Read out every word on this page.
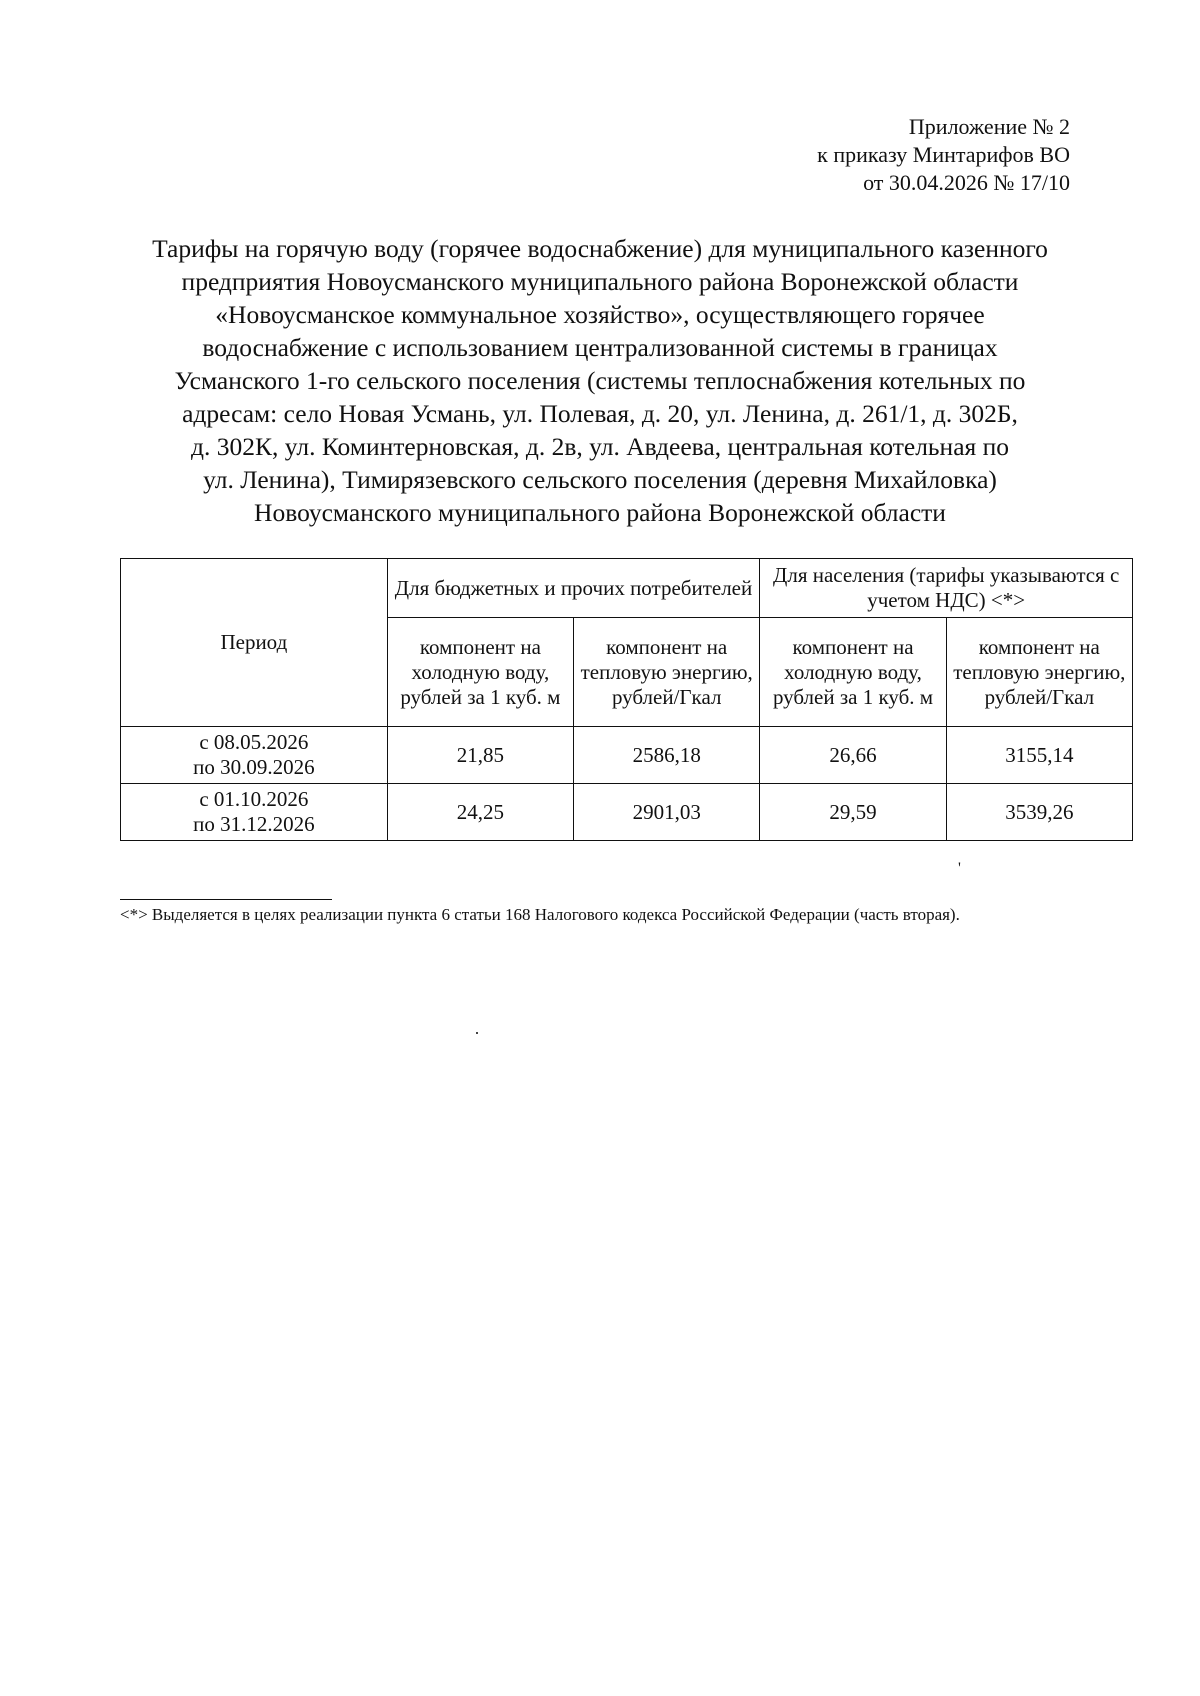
Приложение № 2
к приказу Минтарифов ВО
от 30.04.2026 № 17/10
Тарифы на горячую воду (горячее водоснабжение) для муниципального казенного
предприятия Новоусманского муниципального района Воронежской области
«Новоусманское коммунальное хозяйство», осуществляющего горячее
водоснабжение с использованием централизованной системы в границах
Усманского 1-го сельского поселения (системы теплоснабжения котельных по
адресам: село Новая Усмань, ул. Полевая, д. 20, ул. Ленина, д. 261/1, д. 302Б,
д. 302К, ул. Коминтерновская, д. 2в, ул. Авдеева, центральная котельная по
ул. Ленина), Тимирязевского сельского поселения (деревня Михайловка)
Новоусманского муниципального района Воронежской области
Период	Для бюджетных и прочих потребителей		Для населения (тарифы указываются с учетом НДС) <*>	
	компонент на холодную воду, рублей за 1 куб. м	компонент на тепловую энергию, рублей/Гкал	компонент на холодную воду, рублей за 1 куб. м	компонент на тепловую энергию, рублей/Гкал

с 08.05.2026
по 30.09.2026	21,85	2586,18	26,66	3155,14

с 01.10.2026
по 31.12.2026	24,25	2901,03	29,59	3539,26
'
<*> Выделяется в целях реализации пункта 6 статьи 168 Налогового кодекса Российской Федерации (часть вторая).
